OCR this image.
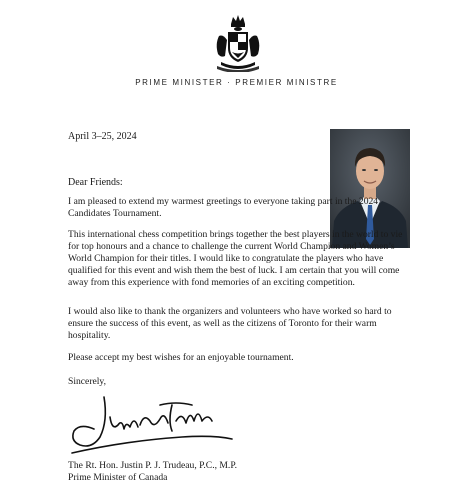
PRIME MINISTER · PREMIER MINISTRE
April 3–25, 2024
Dear Friends:

I am pleased to extend my warmest greetings to everyone taking part in the 2024 Candidates Tournament.

This international chess competition brings together the best players in the world to vie for top honours and a chance to challenge the current World Champion and Women’s World Champion for their titles. I would like to congratulate the players who have qualified for this event and wish them the best of luck. I am certain that you will come away from this experience with fond memories of an exciting competition.

I would also like to thank the organizers and volunteers who have worked so hard to ensure the success of this event, as well as the citizens of Toronto for their warm hospitality.

Please accept my best wishes for an enjoyable tournament.

Sincerely,
The Rt. Hon. Justin P. J. Trudeau, P.C., M.P.
Prime Minister of Canada
